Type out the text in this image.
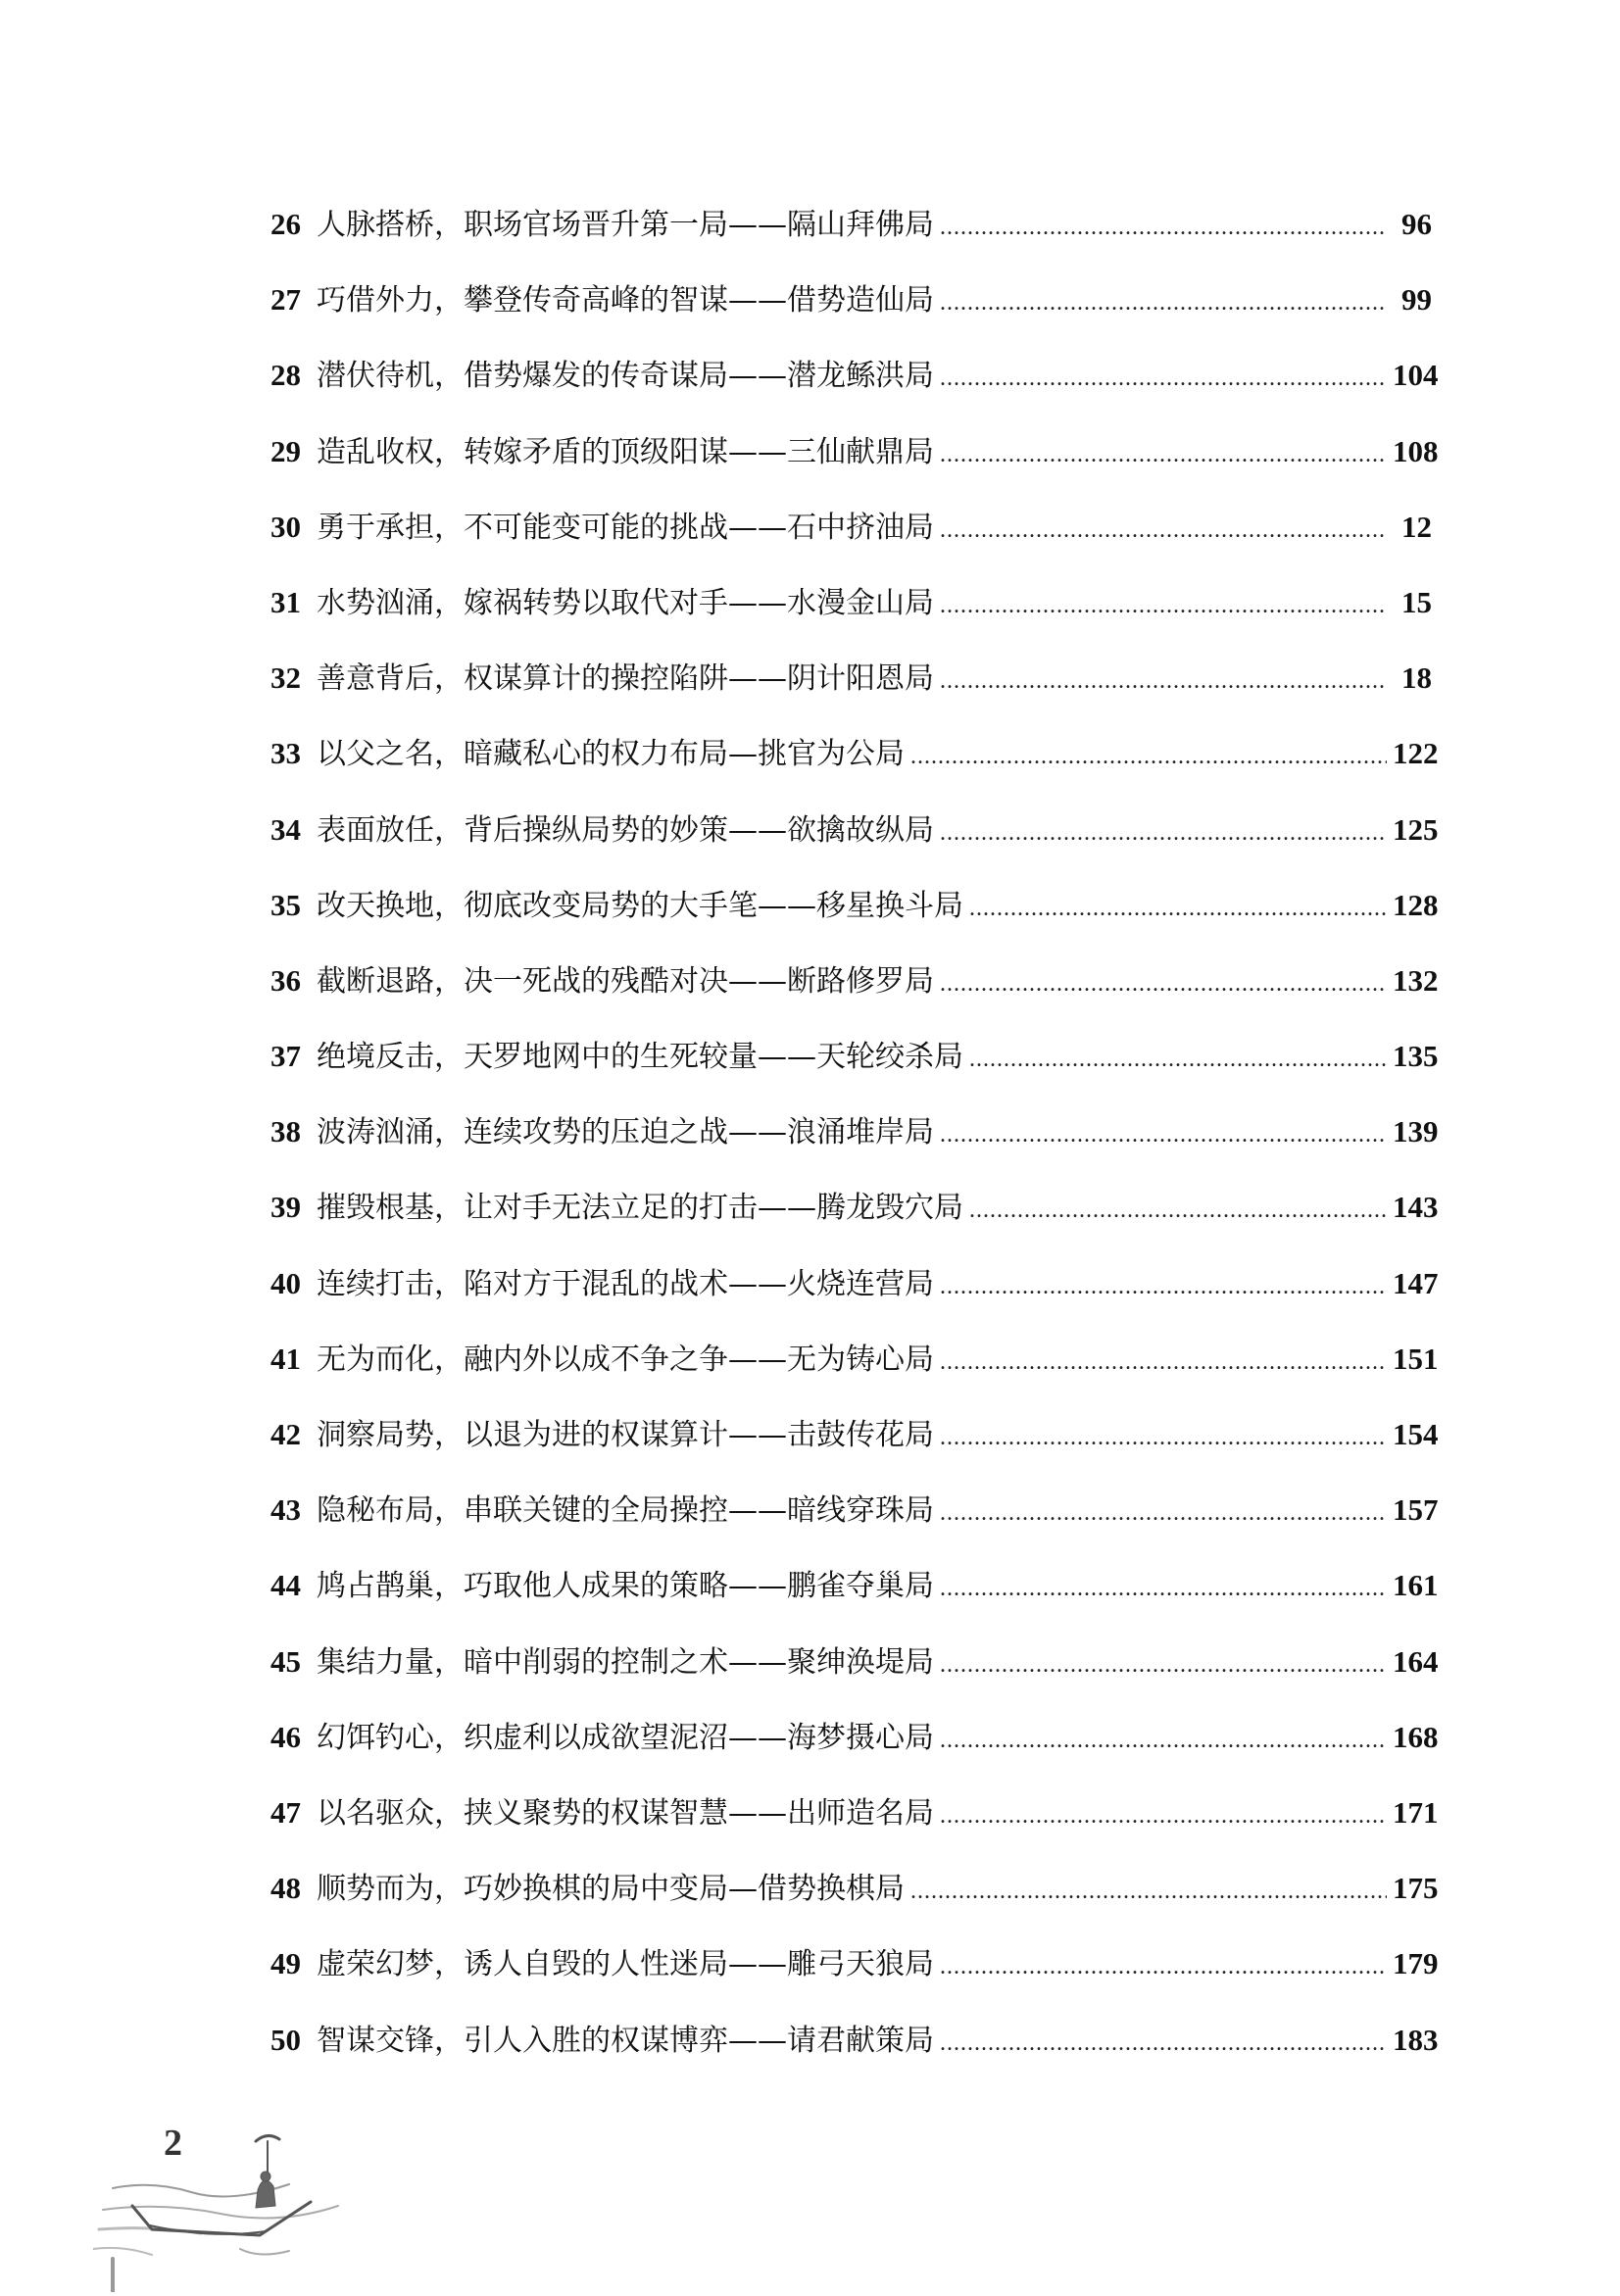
26 人脉搭桥，职场官场晋升第一局——隔山拜佛局 .....	96
27 巧借外力，攀登传奇高峰的智谋——借势造仙局 .....	99
28 潜伏待机，借势爆发的传奇谋局——潜龙鲧洪局 .....	104
29 造乱收权，转嫁矛盾的顶级阳谋——三仙献鼎局 .....	108
30 勇于承担，不可能变可能的挑战——石中挤油局 .....	12
31 水势汹涌，嫁祸转势以取代对手——水漫金山局 .....	15
32 善意背后，权谋算计的操控陷阱——阴计阳恩局 .....	18
33 以父之名，暗藏私心的权力布局—挑官为公局 .....	122
34 表面放任，背后操纵局势的妙策——欲擒故纵局 .....	125
35 改天换地，彻底改变局势的大手笔——移星换斗局 .....	128
36 截断退路，决一死战的残酷对决——断路修罗局 .....	132
37 绝境反击，天罗地网中的生死较量——天轮绞杀局 .....	135
38 波涛汹涌，连续攻势的压迫之战——浪涌堆岸局 .....	139
39 摧毁根基，让对手无法立足的打击——腾龙毁穴局 .....	143
40 连续打击，陷对方于混乱的战术——火烧连营局 .....	147
41 无为而化，融内外以成不争之争——无为铸心局 .....	151
42 洞察局势，以退为进的权谋算计——击鼓传花局 .....	154
43 隐秘布局，串联关键的全局操控——暗线穿珠局 .....	157
44 鸠占鹊巢，巧取他人成果的策略——鹏雀夺巢局 .....	161
45 集结力量，暗中削弱的控制之术——聚绅涣堤局 .....	164
46 幻饵钓心，织虚利以成欲望泥沼——海梦摄心局 .....	168
47 以名驱众，挟义聚势的权谋智慧——出师造名局 .....	171
48 顺势而为，巧妙换棋的局中变局—借势换棋局 .....	175
49 虚荣幻梦，诱人自毁的人性迷局——雕弓天狼局 .....	179
50 智谋交锋，引人入胜的权谋博弈——请君献策局 .....	183
2
